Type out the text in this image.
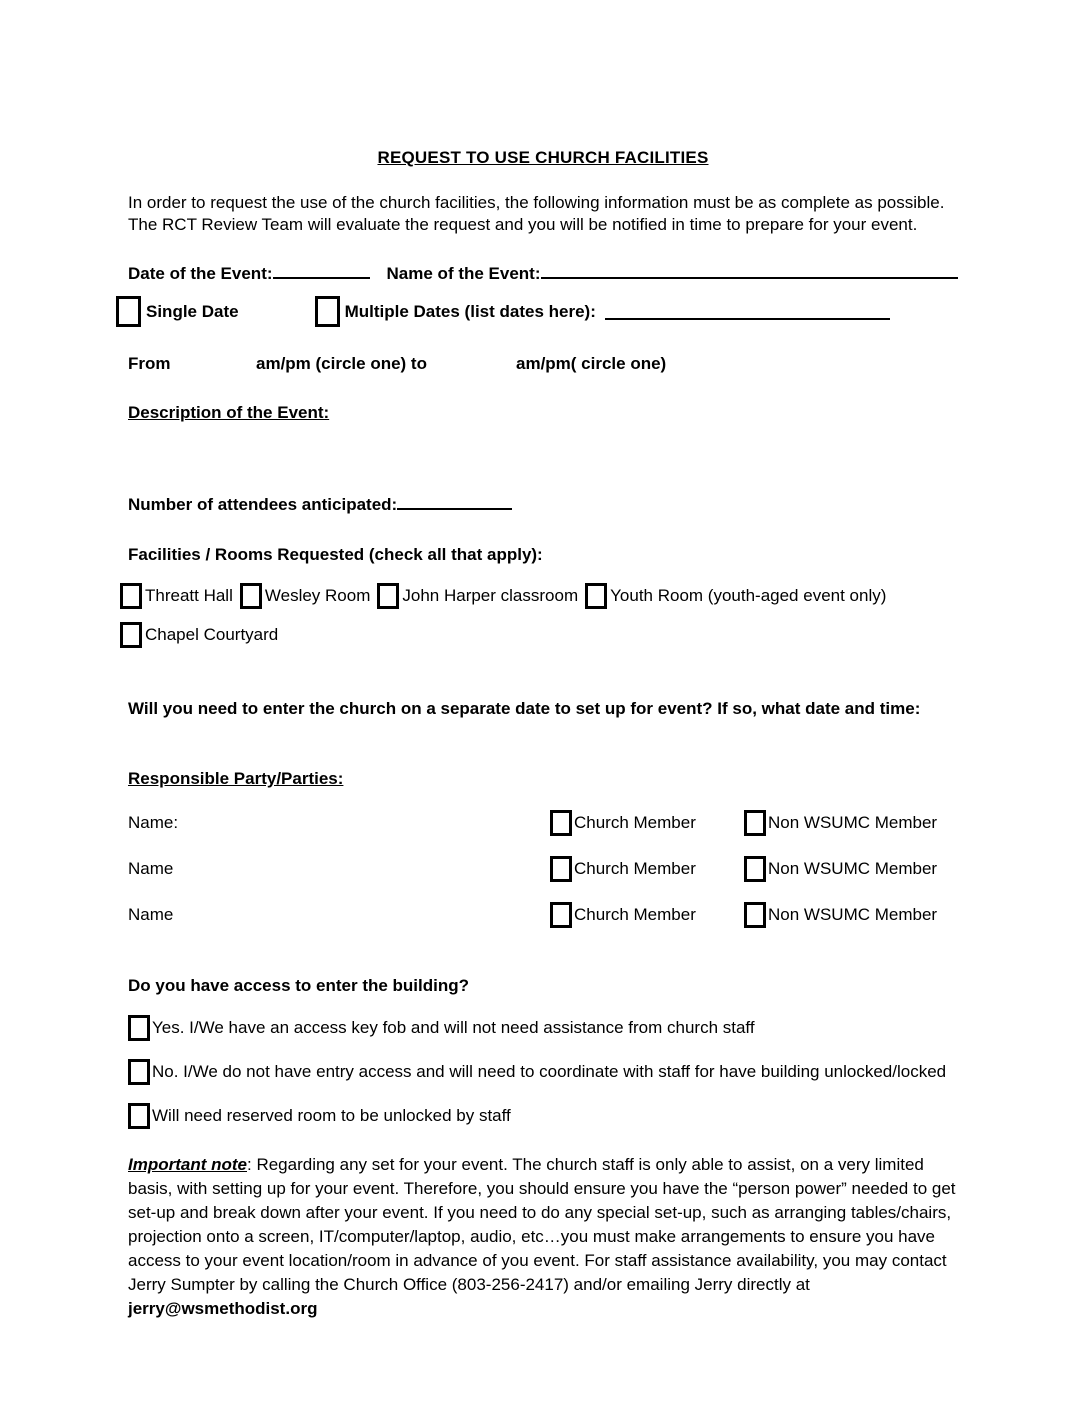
REQUEST TO USE CHURCH FACILITIES

In order to request the use of the church facilities, the following information must be as complete as possible. The RCT Review Team will evaluate the request and you will be notified in time to prepare for your event.

Date of the Event:	Name of the Event:
Single Date	Multiple Dates (list dates here):
From	am/pm (circle one) to	am/pm( circle one)
Description of the Event:
Number of attendees anticipated:
Facilities / Rooms Requested (check all that apply):
Threatt Hall Wesley Room John Harper classroom Youth Room (youth-aged event only)
Chapel Courtyard
Will you need to enter the church on a separate date to set up for event? If so, what date and time:
Responsible Party/Parties:
Name:	Church Member	Non WSUMC Member
Name	Church Member	Non WSUMC Member
Name	Church Member	Non WSUMC Member
Do you have access to enter the building?
Yes. I/We have an access key fob and will not need assistance from church staff
No. I/We do not have entry access and will need to coordinate with staff for have building unlocked/locked
Will need reserved room to be unlocked by staff

Important note: Regarding any set for your event. The church staff is only able to assist, on a very limited basis, with setting up for your event. Therefore, you should ensure you have the “person power” needed to get set-up and break down after your event. If you need to do any special set-up, such as arranging tables/chairs, projection onto a screen, IT/computer/laptop, audio, etc…you must make arrangements to ensure you have access to your event location/room in advance of you event. For staff assistance availability, you may contact Jerry Sumpter by calling the Church Office (803-256-2417) and/or emailing Jerry directly at jerry@wsmethodist.org
